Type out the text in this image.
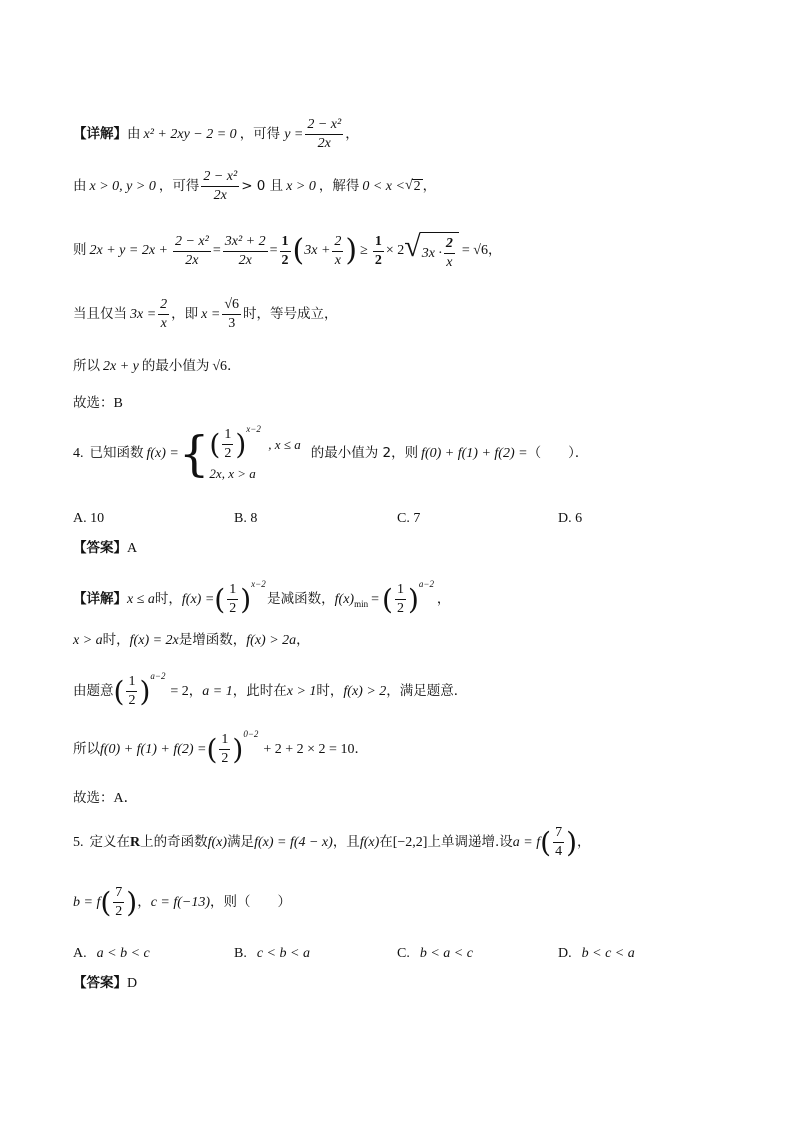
【详解】 由 x² + 2xy − 2 = 0 ，可得 $y = \frac{\text{2 − x²}}{2x}$ ，
由 x > 0, y > 0 ，可得 $\frac{\text{2 − x²}}{2x} > 0$ 且 x > 0 ，解得 0 < x < √ 2 ，
则 $2x + y = 2x + \frac{\text{2 − x²}}{2x} = \frac{\text{3x² + 2}}{2x} = \frac{1}{2}$ ( $3x + \frac{2}{x}$ ) ≥ $\frac{1}{2} \times 2$ √ $3x \cdot \frac{2}{x} = √6$ ，
当且仅当 $3x = \frac{2}{x}$ ，即 $x = \frac{√6}{3}$ 时，等号成立，
所以 2x + y 的最小值为 √6 ．
故选： B
4. 已知函数 f(x) = { ( $\frac{1}{2}$ ) x−2
, x ≤ a
2x, x > a
的最小值为 2，则 f(0) + f(1) + f(2) = （　　）．
A. 10	B. 8	C. 7	D. 6
【答案】 A
【详解】 x ≤ a 时， f(x) = ( $\frac{1}{2}$ ) x−2
是减函数， f(x) min = ( $\frac{1}{2}$ ) a−2
，
x > a 时， f(x) = 2x 是增函数， f(x) > 2a ，
由题意 ( $\frac{1}{2}$ ) a−2
= 2 ， a = 1 ，此时在 x > 1 时， f(x) > 2 ，满足题意．
所以 f(0) + f(1) + f(2) = ( $\frac{1}{2}$ ) 0−2
+ 2 + 2 × 2 = 10 ．
故选： A．
5. 定义在 R 上的奇函数 f(x) 满足 f(x) = f(4 − x) ，且 f(x) 在 [−2,2] 上单调递增.设 a = f ( $\frac{7}{4}$ ) ，
b = f ( $\frac{7}{2}$ ) ， c = f(−13) ，则（　　）
A. a < b < c	B. c < b < a	C. b < a < c	D. b < c < a
【答案】 D
